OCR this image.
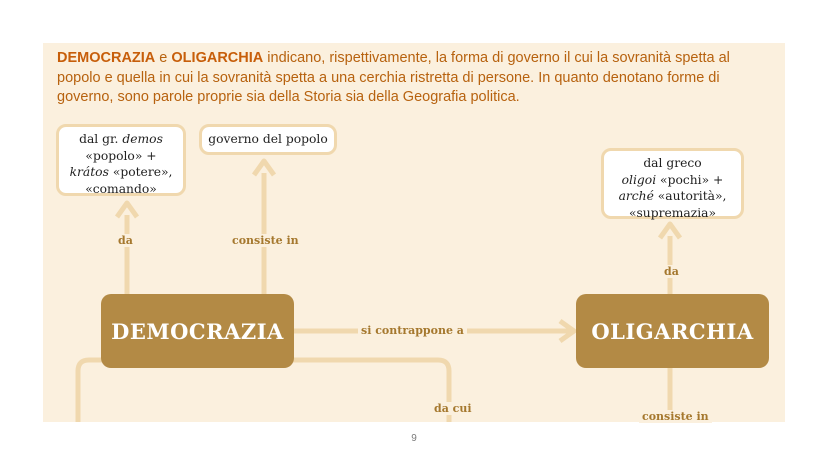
DEMOCRAZIA e OLIGARCHIA indicano, rispettivamente, la forma di governo il cui la sovranità spetta al popolo e quella in cui la sovranità spetta a una cerchia ristretta di persone. In quanto denotano forme di governo, sono parole proprie sia della Storia sia della Geografia politica.
dal gr. demos
«popolo» +
krátos «potere»,
«comando»
governo del popolo
dal greco
oligoi «pochi» +
arché «autorità»,
«supremazia»
DEMOCRAZIA	OLIGARCHIA
da	consiste in
si contrappone a
da
da cui
consiste in
9
